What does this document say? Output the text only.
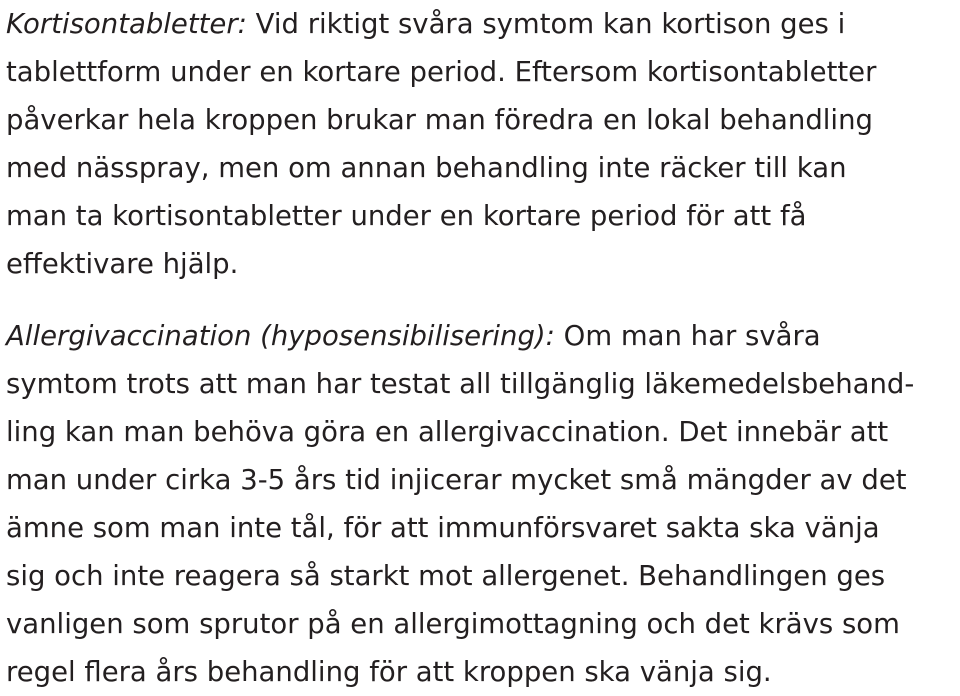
Kortisontabletter: Vid riktigt svåra symtom kan kortison ges i
tablettform under en kortare period. Eftersom kortisontabletter
påverkar hela kroppen brukar man föredra en lokal behandling
med nässpray, men om annan behandling inte räcker till kan
man ta kortisontabletter under en kortare period för att få
effektivare hjälp.

Allergivaccination (hyposensibilisering): Om man har svåra
symtom trots att man har testat all tillgänglig läkemedelsbehand-
ling kan man behöva göra en allergivaccination. Det innebär att
man under cirka 3-5 års tid injicerar mycket små mängder av det
ämne som man inte tål, för att immunförsvaret sakta ska vänja
sig och inte reagera så starkt mot allergenet. Behandlingen ges
vanligen som sprutor på en allergimottagning och det krävs som
regel flera års behandling för att kroppen ska vänja sig.
